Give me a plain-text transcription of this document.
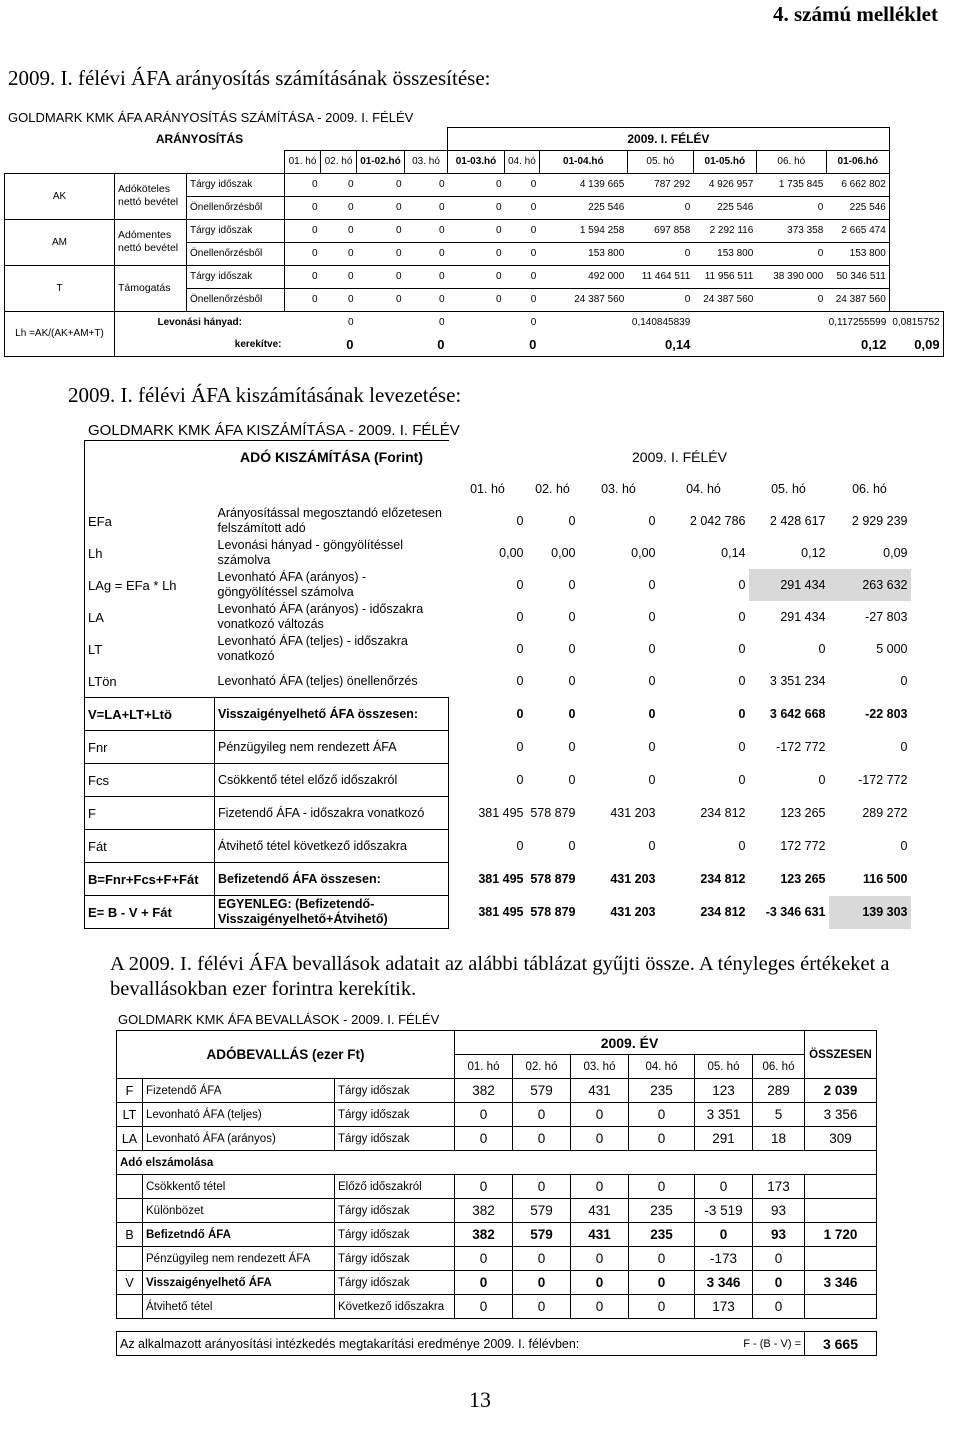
4. számú melléklet
2009. I. félévi ÁFA arányosítás számításának összesítése:
GOLDMARK KMK ÁFA ARÁNYOSÍTÁS SZÁMÍTÁSA - 2009. I. FÉLÉV
	ARÁNYOSÍTÁS						2009. I. FÉLÉV							
			01. hó	02. hó	01-02.hó	03. hó	01-03.hó	04. hó	01-04.hó	05. hó	01-05.hó	06. hó	01-06.hó	
AK	Adóköteles nettó bevétel	Tárgy időszak	0	0	0	0	0	0	4 139 665	787 292	4 926 957	1 735 845	6 662 802	
		Önellenőrzésből	0	0	0	0	0	0	225 546	0	225 546	0	225 546	
AM	Adómentes nettó bevétel	Tárgy időszak	0	0	0	0	0	0	1 594 258	697 858	2 292 116	373 358	2 665 474	
		Önellenőrzésből	0	0	0	0	0	0	153 800	0	153 800	0	153 800	
T	Támogatás	Tárgy időszak	0	0	0	0	0	0	492 000	11 464 511	11 956 511	38 390 000	50 346 511	
		Önellenőrzésből	0	0	0	0	0	0	24 387 560	0	24 387 560	0	24 387 560	
Lh =AK/(AK+AM+T)	Levonási hányad:		0		0		0		0,140845839		0,117255599			0,0815752
	kerekítve:		0		0		0		0,14		0,12			0,09
2009. I. félévi ÁFA kiszámításának levezetése:
GOLDMARK KMK ÁFA KISZÁMÍTÁSA - 2009. I. FÉLÉV
	ADÓ KISZÁMÍTÁSA (Forint)	2009. I. FÉLÉV					
		01. hó	02. hó	03. hó	04. hó	05. hó	06. hó
EFa	Arányosítással megosztandó előzetesen felszámított adó	0	0	0	2 042 786	2 428 617	2 929 239
Lh	Levonási hányad - göngyölítéssel számolva	0,00	0,00	0,00	0,14	0,12	0,09
LAg = EFa * Lh	Levonható ÁFA (arányos) - göngyölítéssel számolva	0	0	0	0	291 434	263 632
LA	Levonható ÁFA (arányos) - időszakra vonatkozó változás	0	0	0	0	291 434	-27 803
LT	Levonható ÁFA (teljes) - időszakra vonatkozó	0	0	0	0	0	5 000
LTön	Levonható ÁFA (teljes) önellenőrzés	0	0	0	0	3 351 234	0
V=LA+LT+Ltö	Visszaigényelhető ÁFA összesen:	0	0	0	0	3 642 668	-22 803
Fnr	Pénzügyileg nem rendezett ÁFA	0	0	0	0	-172 772	0
Fcs	Csökkentő tétel előző időszakról	0	0	0	0	0	-172 772
F	Fizetendő ÁFA - időszakra vonatkozó	381 495	578 879	431 203	234 812	123 265	289 272
Fát	Átvihető tétel következő időszakra	0	0	0	0	172 772	0
B=Fnr+Fcs+F+Fát	Befizetendő ÁFA összesen:	381 495	578 879	431 203	234 812	123 265	116 500
E= B - V + Fát	EGYENLEG: (Befizetendő- Visszaigényelhető+Átvihető)	381 495	578 879	431 203	234 812	-3 346 631	139 303
A 2009. I. félévi ÁFA bevallások adatait az alábbi táblázat gyűjti össze. A tényleges értékeket a bevallásokban ezer forintra kerekítik.
GOLDMARK KMK ÁFA BEVALLÁSOK - 2009. I. FÉLÉV
ADÓBEVALLÁS (ezer Ft)			2009. ÉV						ÖSSZESEN
			01. hó	02. hó	03. hó	04. hó	05. hó	06. hó	
F	Fizetendő ÁFA	Tárgy időszak	382	579	431	235	123	289	2 039
LT	Levonható ÁFA (teljes)	Tárgy időszak	0	0	0	0	3 351	5	3 356
LA	Levonható ÁFA (arányos)	Tárgy időszak	0	0	0	0	291	18	309
Adó elszámolása									
	Csökkentő tétel	Előző időszakról	0	0	0	0	0	173	
	Különbözet	Tárgy időszak	382	579	431	235	-3 519	93	
B	Befizetndő ÁFA	Tárgy időszak	382	579	431	235	0	93	1 720
	Pénzügyileg nem rendezett ÁFA	Tárgy időszak	0	0	0	0	-173	0	
V	Visszaigényelhető ÁFA	Tárgy időszak	0	0	0	0	3 346	0	3 346
	Átvihető tétel	Következő időszakra	0	0	0	0	173	0	

Az alkalmazott arányosítási intézkedés megtakarítási eredménye 2009. I. félévben:							F - (B - V) =		3 665
13
